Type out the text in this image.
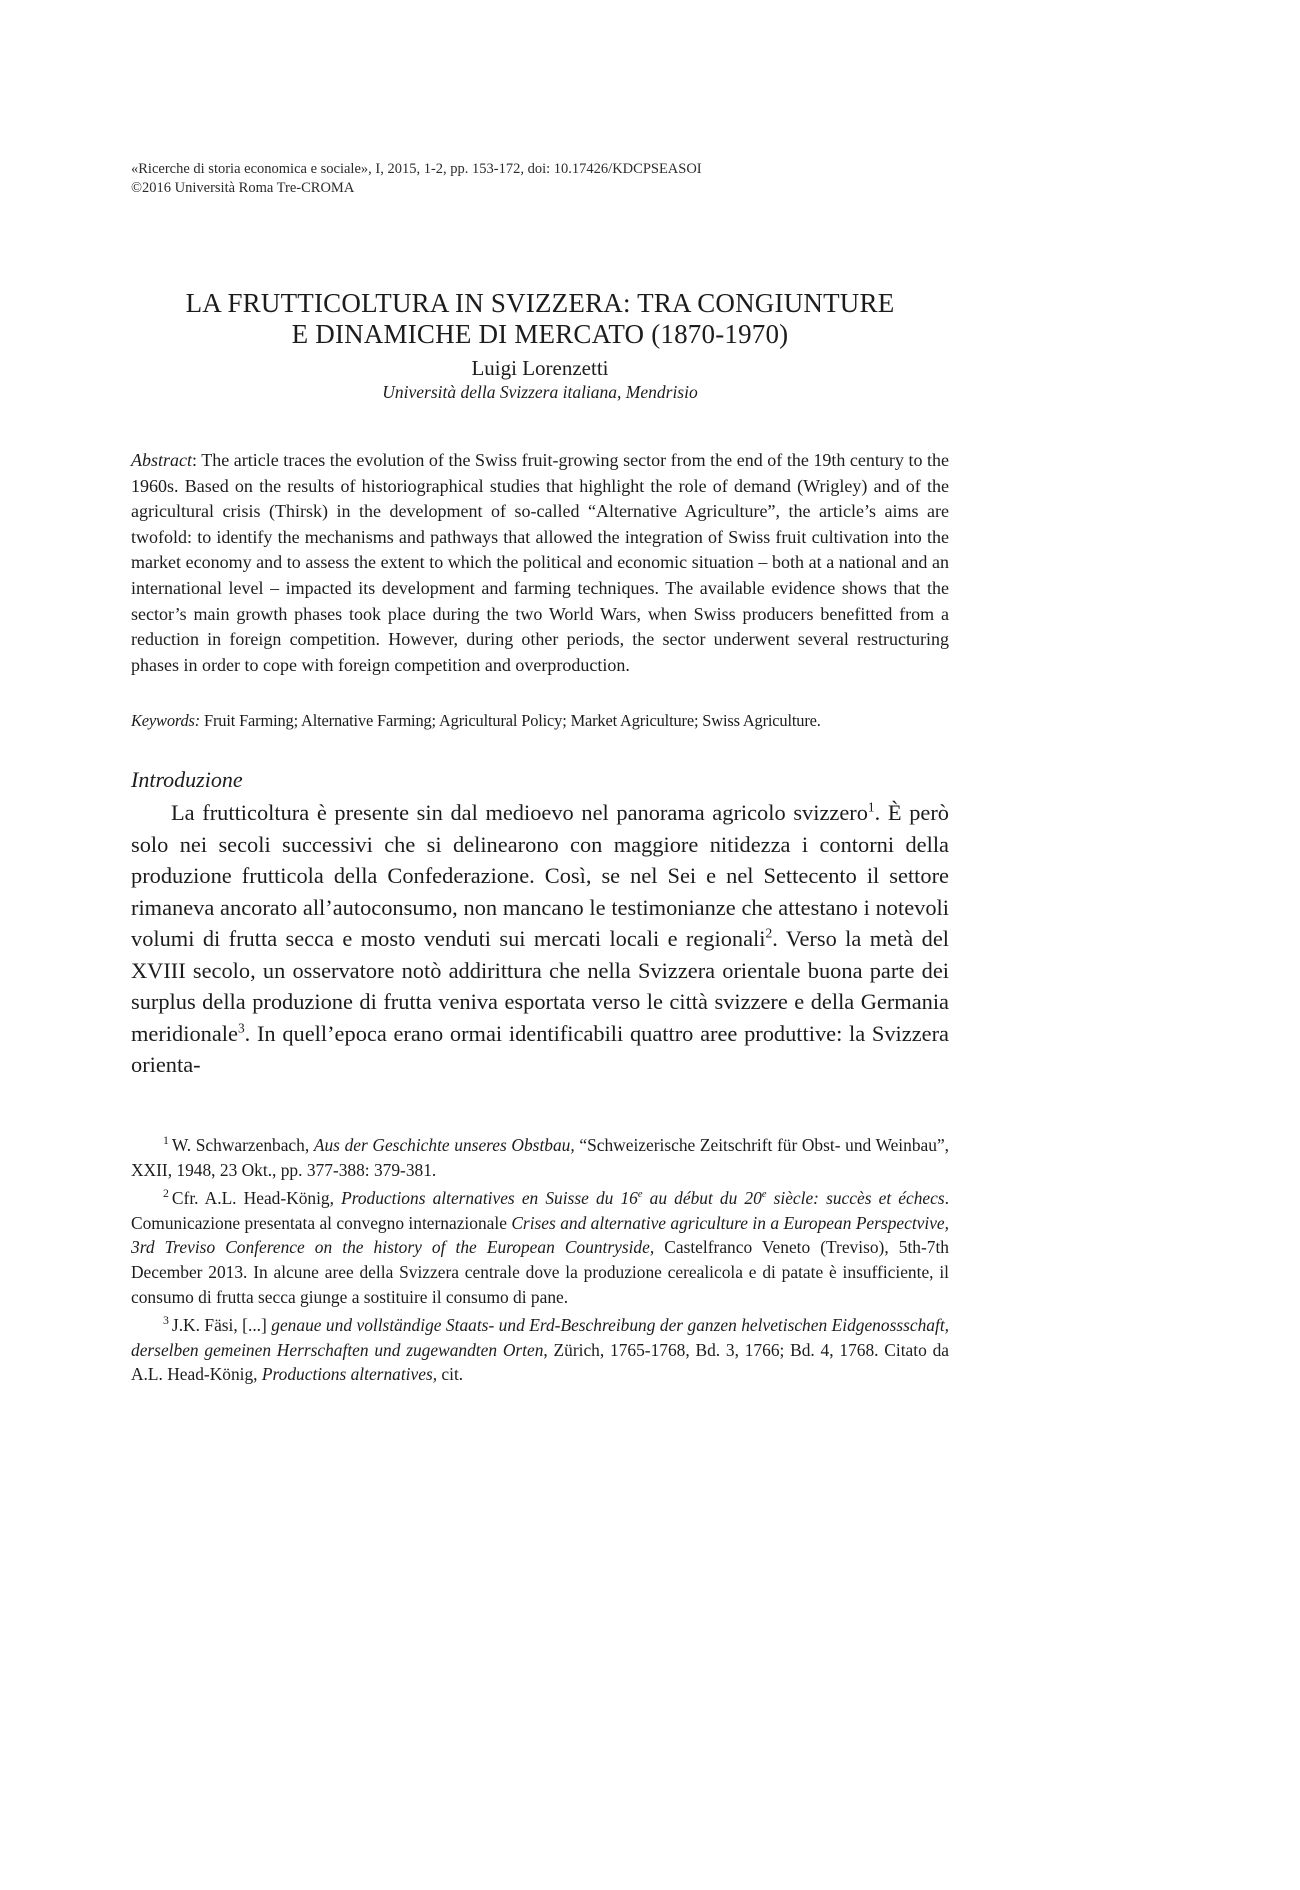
«Ricerche di storia economica e sociale», I, 2015, 1-2, pp. 153-172, doi: 10.17426/KDCPSEASOI
©2016 Università Roma Tre-CROMA
LA FRUTTICOLTURA IN SVIZZERA: TRA CONGIUNTURE
E DINAMICHE DI MERCATO (1870-1970)
Luigi Lorenzetti
Università della Svizzera italiana, Mendrisio
Abstract: The article traces the evolution of the Swiss fruit-growing sector from the end of the 19th century to the 1960s. Based on the results of historiographical studies that highlight the role of demand (Wrigley) and of the agricultural crisis (Thirsk) in the development of so-called “Alternative Agriculture”, the article’s aims are twofold: to identify the mechanisms and pathways that allowed the integration of Swiss fruit cultivation into the market economy and to assess the extent to which the political and economic situation – both at a national and an international level – impacted its development and farming techniques. The available evidence shows that the sector’s main growth phases took place during the two World Wars, when Swiss producers benefitted from a reduction in foreign competition. However, during other periods, the sector underwent several restructuring phases in order to cope with foreign competition and overproduction.
Keywords: Fruit Farming; Alternative Farming; Agricultural Policy; Market Agriculture; Swiss Agriculture.
Introduzione

La frutticoltura è presente sin dal medioevo nel panorama agricolo svizzero$^1$. È però solo nei secoli successivi che si delinearono con maggiore nitidezza i contorni della produzione frutticola della Confederazione. Così, se nel Sei e nel Settecento il settore rimaneva ancorato all’autoconsumo, non mancano le testimonianze che attestano i notevoli volumi di frutta secca e mosto venduti sui mercati locali e regionali$^2$. Verso la metà del XVIII secolo, un osservatore notò addirittura che nella Svizzera orientale buona parte dei surplus della produzione di frutta veniva esportata verso le città svizzere e della Germania meridionale$^3$. In quell’epoca erano ormai identificabili quattro aree produttive: la Svizzera orienta-

$^1$ W. Schwarzenbach, Aus der Geschichte unseres Obstbau, “Schweizerische Zeitschrift für Obst- und Weinbau”, XXII, 1948, 23 Okt., pp. 377-388: 379-381.

$^2$ Cfr. A.L. Head-König, Productions alternatives en Suisse du 16e au début du 20e siècle: succès et échecs. Comunicazione presentata al convegno internazionale Crises and alternative agriculture in a European Perspectvive, 3rd Treviso Conference on the history of the European Countryside, Castelfranco Veneto (Treviso), 5th-7th December 2013. In alcune aree della Svizzera centrale dove la produzione cerealicola e di patate è insufficiente, il consumo di frutta secca giunge a sostituire il consumo di pane.

$^3$ J.K. Fäsi, [...] genaue und vollständige Staats- und Erd-Beschreibung der ganzen helvetischen Eidgenossschaft, derselben gemeinen Herrschaften und zugewandten Orten, Zürich, 1765-1768, Bd. 3, 1766; Bd. 4, 1768. Citato da A.L. Head-König, Productions alternatives, cit.
